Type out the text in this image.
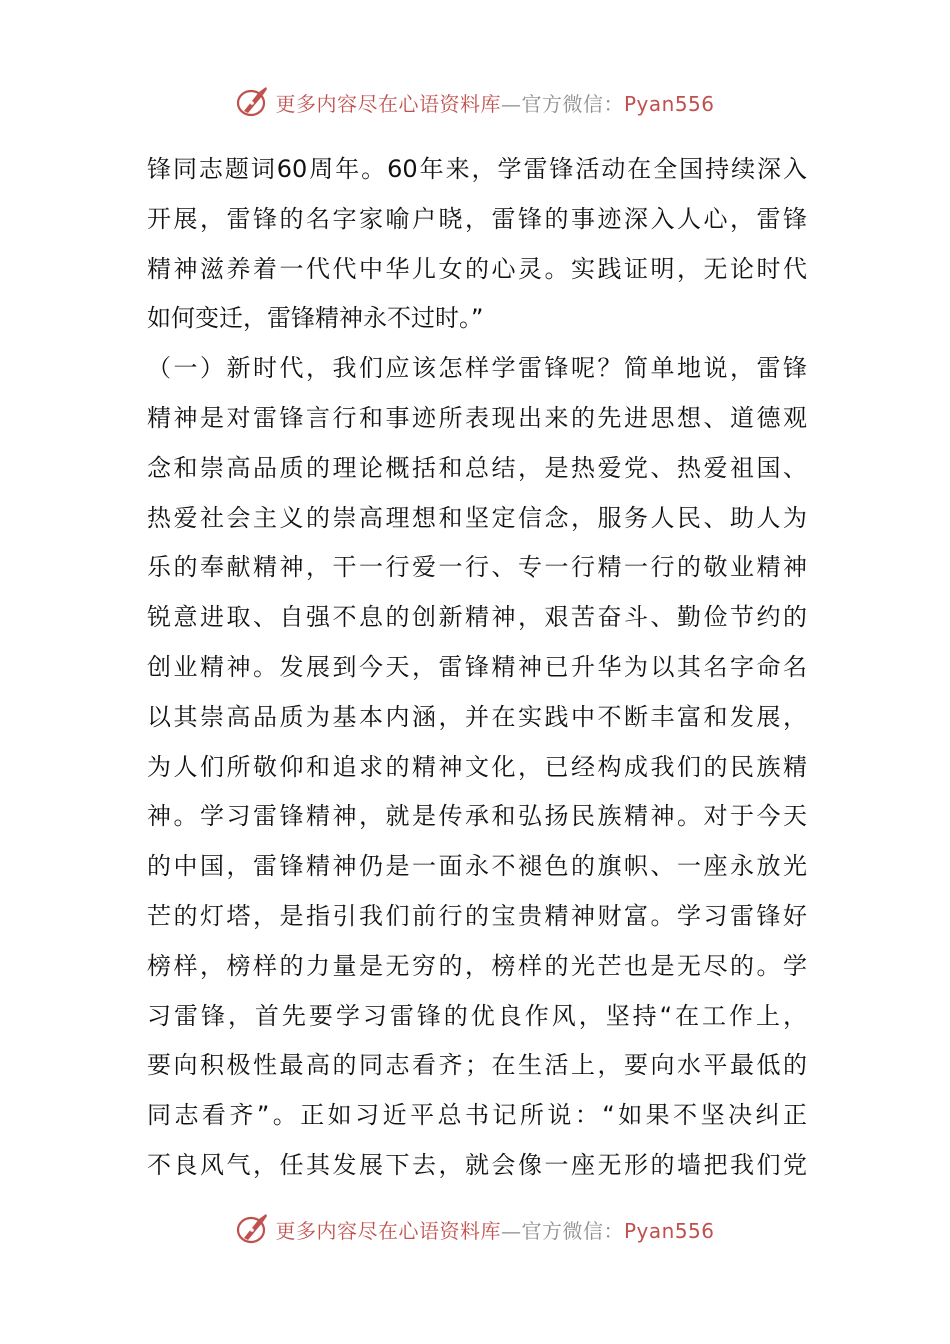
更多内容尽在心语资料库—官方微信：Pyan556
锋同志题词60周年。60年来，学雷锋活动在全国持续深入
开展，雷锋的名字家喻户晓，雷锋的事迹深入人心，雷锋
精神滋养着一代代中华儿女的心灵。实践证明，无论时代
如何变迁，雷锋精神永不过时。”
（一）新时代，我们应该怎样学雷锋呢？简单地说，雷锋
精神是对雷锋言行和事迹所表现出来的先进思想、道德观
念和崇高品质的理论概括和总结，是热爱党、热爱祖国、
热爱社会主义的崇高理想和坚定信念，服务人民、助人为
乐的奉献精神，干一行爱一行、专一行精一行的敬业精神
锐意进取、自强不息的创新精神，艰苦奋斗、勤俭节约的
创业精神。发展到今天，雷锋精神已升华为以其名字命名
以其崇高品质为基本内涵，并在实践中不断丰富和发展，
为人们所敬仰和追求的精神文化，已经构成我们的民族精
神。学习雷锋精神，就是传承和弘扬民族精神。对于今天
的中国，雷锋精神仍是一面永不褪色的旗帜、一座永放光
芒的灯塔，是指引我们前行的宝贵精神财富。学习雷锋好
榜样，榜样的力量是无穷的，榜样的光芒也是无尽的。学
习雷锋，首先要学习雷锋的优良作风，坚持“在工作上，
要向积极性最高的同志看齐；在生活上，要向水平最低的
同志看齐”。正如习近平总书记所说：“如果不坚决纠正
不良风气，任其发展下去，就会像一座无形的墙把我们党
更多内容尽在心语资料库—官方微信：Pyan556
